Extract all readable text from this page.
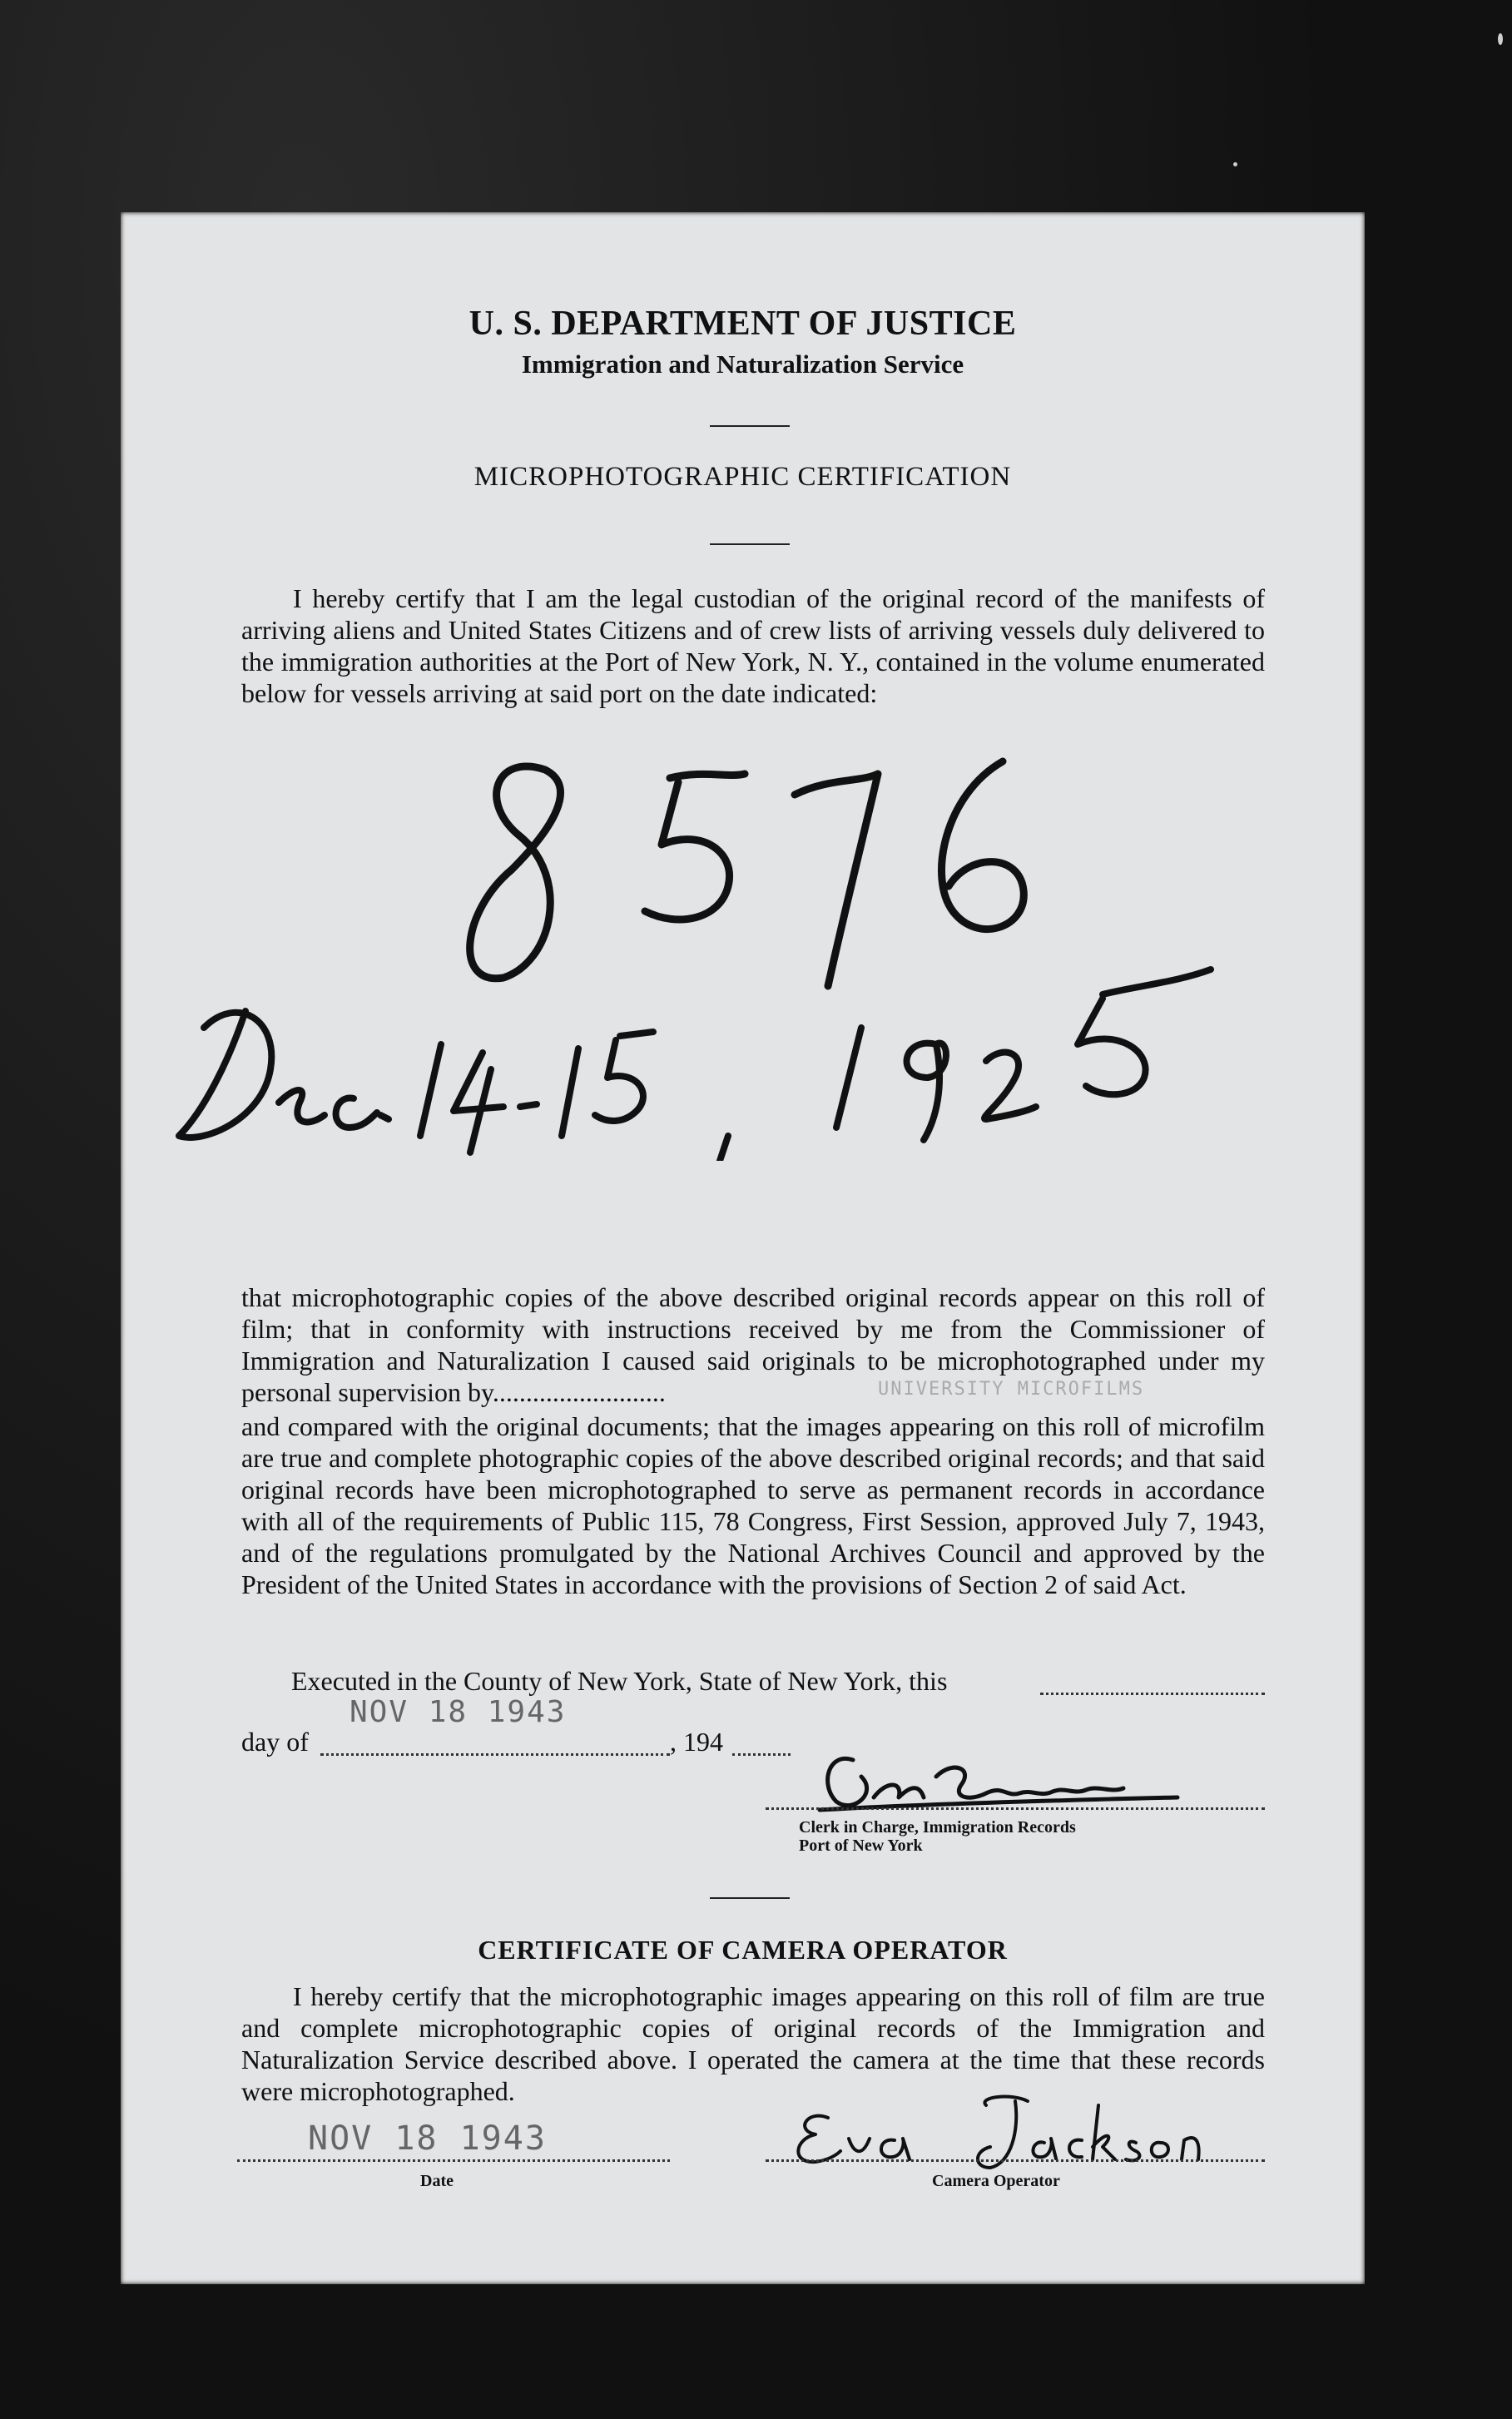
U. S. DEPARTMENT OF JUSTICE
Immigration and Naturalization Service
MICROPHOTOGRAPHIC CERTIFICATION
I hereby certify that I am the legal custodian of the original record of the manifests of arriving aliens and United States Citizens and of crew lists of arriving vessels duly delivered to the immigration authorities at the Port of New York, N. Y., contained in the volume enumerated below for vessels arriving at said port on the date indicated:
that microphotographic copies of the above described original records appear on this roll of film; that in conformity with instructions received by me from the Commissioner of Immigration and Naturalization I caused said originals to be microphotographed under my personal supervision by..........................	UNIVERSITY MICROFILMS
and compared with the original documents; that the images appearing on this roll of microfilm are true and complete photographic copies of the above described original records; and that said original records have been microphotographed to serve as permanent records in accordance with all of the requirements of Public 115, 78 Congress, First Session, approved July 7, 1943, and of the regulations promulgated by the National Archives Council and approved by the President of the United States in accordance with the provisions of Section 2 of said Act.
Executed in the County of New York, State of New York, this
NOV 18 1943
day of	, 194
Clerk in Charge, Immigration Records
Port of New York
CERTIFICATE OF CAMERA OPERATOR
I hereby certify that the microphotographic images appearing on this roll of film are true and complete microphotographic copies of original records of the Immigration and Naturalization Service described above. I operated the camera at the time that these records were microphotographed.
NOV 18 1943
Date	Camera Operator
